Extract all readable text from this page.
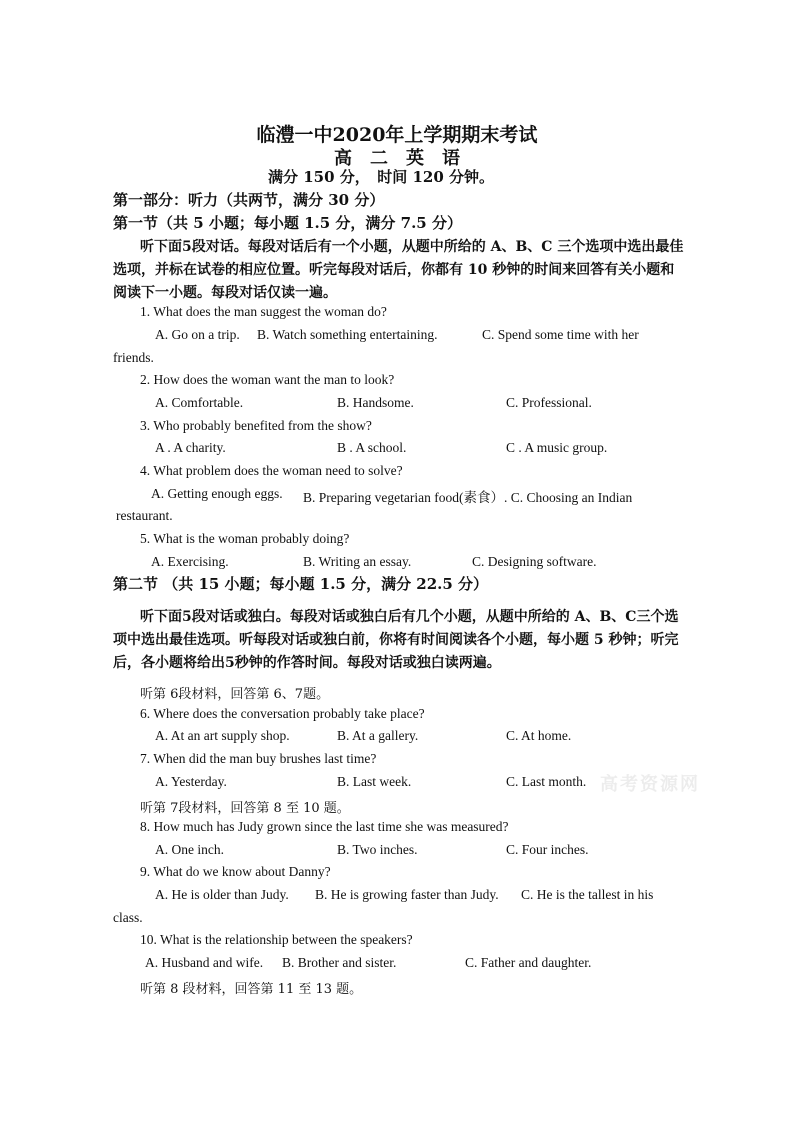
临澧一中2020年上学期期末考试
高　二　英　语
满分 150 分，　时间 120 分钟。
第一部分：听力（共两节，满分 30 分）
第一节（共 5 小题；每小题 1.5 分，满分 7.5 分）
听下面5段对话。每段对话后有一个小题，从题中所给的 A、B、C 三个选项中选出最佳
选项，并标在试卷的相应位置。听完每段对话后，你都有 10 秒钟的时间来回答有关小题和
阅读下一小题。每段对话仅读一遍。
1. What does the man suggest the woman do?
A. Go on a trip. B. Watch something entertaining.	C. Spend some time with her
friends.
2. How does the woman want the man to look?
A. Comfortable.	B. Handsome.	C. Professional.
3. Who probably benefited from the show?
A . A charity.	B . A school.	C . A music group.
4. What problem does the woman need to solve?
A. Getting enough eggs. B. Preparing vegetarian food(素食）. C. Choosing an Indian
restaurant.
5. What is the woman probably doing?
A. Exercising.	B. Writing an essay.	C. Designing software.
第二节 （共 15 小题；每小题 1.5 分，满分 22.5 分）
听下面5段对话或独白。每段对话或独白后有几个小题，从题中所给的 A、B、C三个选
项中选出最佳选项。听每段对话或独白前，你将有时间阅读各个小题，每小题 5 秒钟；听完
后，各小题将给出5秒钟的作答时间。每段对话或独白读两遍。
听第 6段材料，回答第 6、7题。
6. Where does the conversation probably take place?
A. At an art supply shop.	B. At a gallery.	C. At home.
7. When did the man buy brushes last time?
A. Yesterday.	B. Last week.	C. Last month. 高考资源网
听第 7段材料，回答第 8 至 10 题。
8. How much has Judy grown since the last time she was measured?
A. One inch.	B. Two inches.	C. Four inches.
9. What do we know about Danny?
A. He is older than Judy. B. He is growing faster than Judy. C. He is the tallest in his
class.
10. What is the relationship between the speakers?
A. Husband and wife. B. Brother and sister.	C. Father and daughter.
听第 8 段材料，回答第 11 至 13 题。
